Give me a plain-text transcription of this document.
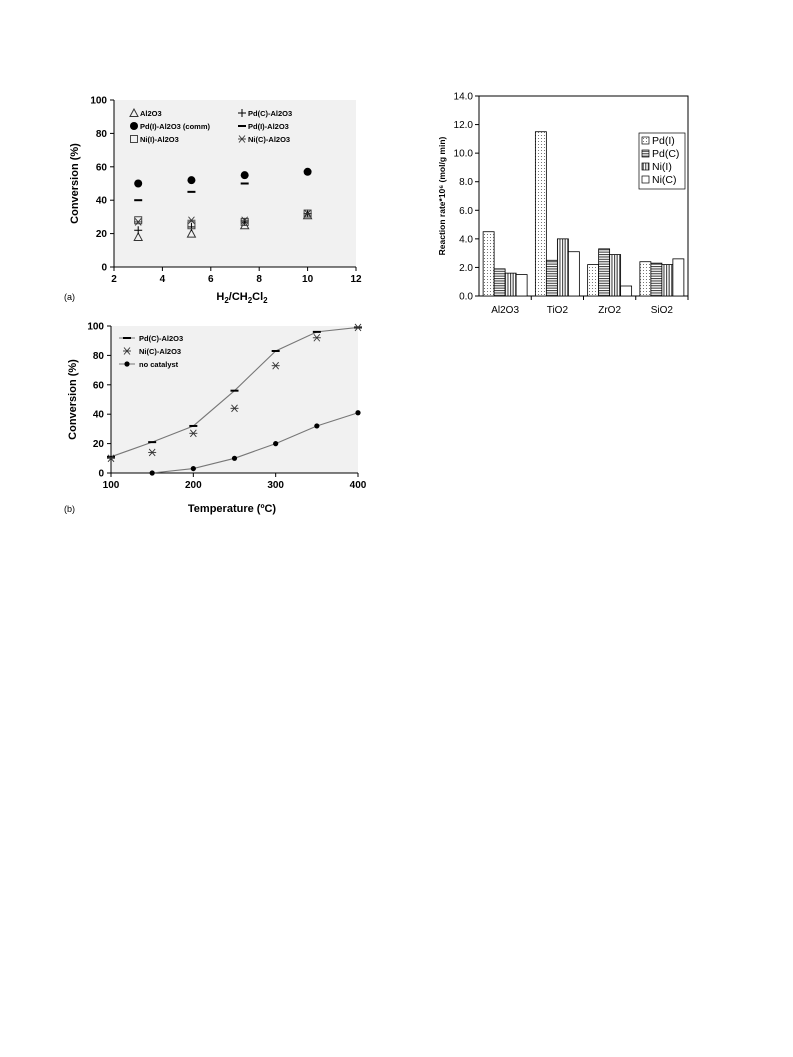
(a)
Conversion (%)
$H_2/CH_2Cl_2$
0
20
40
60
80
100
2	4	6	8	10	12
Al2O3	Pd(C)-Al2O3
Pd(I)-Al2O3 (comm)	Pd(I)-Al2O3
Ni(I)-Al2O3	Ni(C)-Al2O3
(b)
Conversion (%)
Temperature (ºC)
0
20
40
60
80
100
100	200	300	400
Pd(C)-Al2O3
Ni(C)-Al2O3
no catalyst
Reaction rate*10⁶ (mol/g min)
0.0
2.0
4.0
6.0
8.0
10.0
12.0
14.0
Al2O3	TiO2	ZrO2	SiO2
Pd(I)
Pd(C)
Ni(I)
Ni(C)
